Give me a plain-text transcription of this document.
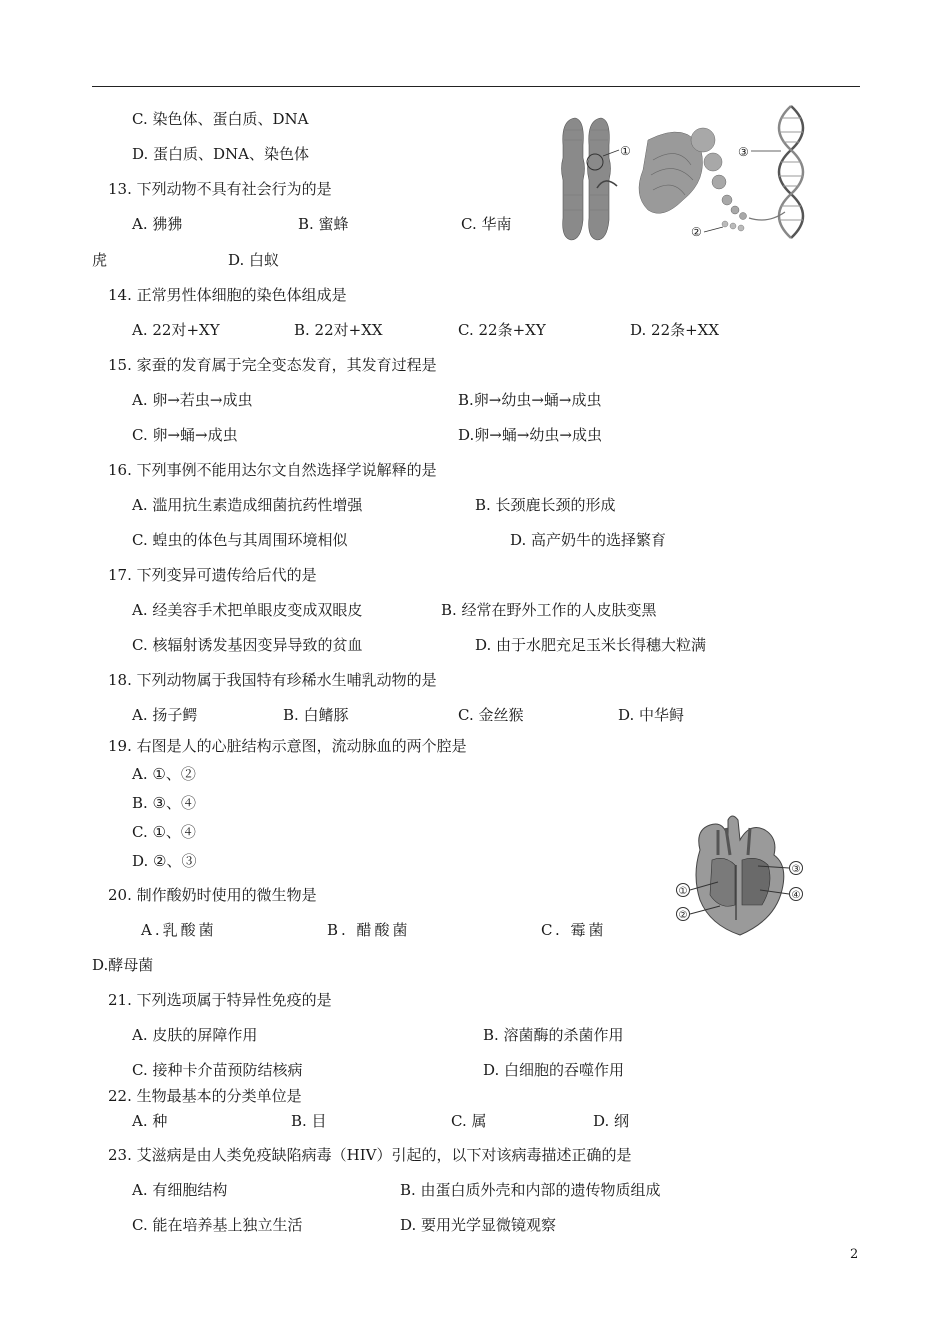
C. 染色体、蛋白质、DNA
D. 蛋白质、DNA、染色体
13. 下列动物不具有社会行为的是
A. 狒狒	B. 蜜蜂	C. 华南
虎	D. 白蚁
①
②
③
14. 正常男性体细胞的染色体组成是
A. 22对+XY	B. 22对+XX	C. 22条+XY	D. 22条+XX
15. 家蚕的发育属于完全变态发育，其发育过程是
A. 卵→若虫→成虫	B.卵→幼虫→蛹→成虫
C. 卵→蛹→成虫	D.卵→蛹→幼虫→成虫
16. 下列事例不能用达尔文自然选择学说解释的是
A. 滥用抗生素造成细菌抗药性增强	B. 长颈鹿长颈的形成
C. 蝗虫的体色与其周围环境相似	D. 高产奶牛的选择繁育
17. 下列变异可遗传给后代的是
A. 经美容手术把单眼皮变成双眼皮	B. 经常在野外工作的人皮肤变黑
C. 核辐射诱发基因变异导致的贫血	D. 由于水肥充足玉米长得穗大粒满
18. 下列动物属于我国特有珍稀水生哺乳动物的是
A. 扬子鳄	B. 白鳍豚	C. 金丝猴	D. 中华鲟
19. 右图是人的心脏结构示意图，流动脉血的两个腔是
A. ①、②
B. ③、④
C. ①、④
D. ②、③
①
②
③
④
20. 制作酸奶时使用的微生物是
A.乳酸菌	B. 醋酸菌	C. 霉菌
D.酵母菌
21. 下列选项属于特异性免疫的是
A. 皮肤的屏障作用	B. 溶菌酶的杀菌作用
C. 接种卡介苗预防结核病	D. 白细胞的吞噬作用
22. 生物最基本的分类单位是
A. 种	B. 目	C. 属	D. 纲
23. 艾滋病是由人类免疫缺陷病毒（HIV）引起的，以下对该病毒描述正确的是
A. 有细胞结构	B. 由蛋白质外壳和内部的遗传物质组成
C. 能在培养基上独立生活	D. 要用光学显微镜观察
2
